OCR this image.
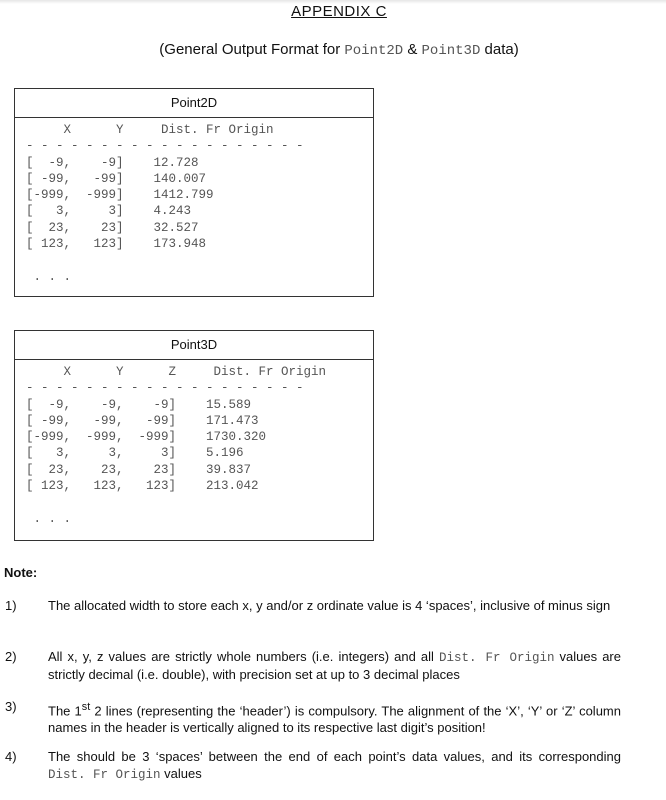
APPENDIX C
(General Output Format for Point2D & Point3D data)
Point2D
X      Y     Dist. Fr Origin
- - - - - - - - - - - - - - - - - - -
[  -9,    -9]    12.728
[ -99,   -99]    140.007
[-999,  -999]    1412.799
[   3,     3]    4.243
[  23,    23]    32.527
[ 123,   123]    173.948

. . .
Point3D
X      Y      Z     Dist. Fr Origin
- - - - - - - - - - - - - - - - - - -
[  -9,    -9,    -9]    15.589
[ -99,   -99,   -99]    171.473
[-999,  -999,  -999]    1730.320
[   3,     3,     3]    5.196
[  23,    23,    23]    39.837
[ 123,   123,   123]    213.042

. . .
Note:
1) The allocated width to store each x, y and/or z ordinate value is 4 ‘spaces’, inclusive of minus sign
2) All x, y, z values are strictly whole numbers (i.e. integers) and all Dist. Fr Origin values are strictly decimal (i.e. double), with precision set at up to 3 decimal places
3) The 1st 2 lines (representing the ‘header’) is compulsory. The alignment of the ‘X’, ‘Y’ or ‘Z’ column names in the header is vertically aligned to its respective last digit’s position!
4) The should be 3 ‘spaces’ between the end of each point’s data values, and its corresponding Dist. Fr Origin values
